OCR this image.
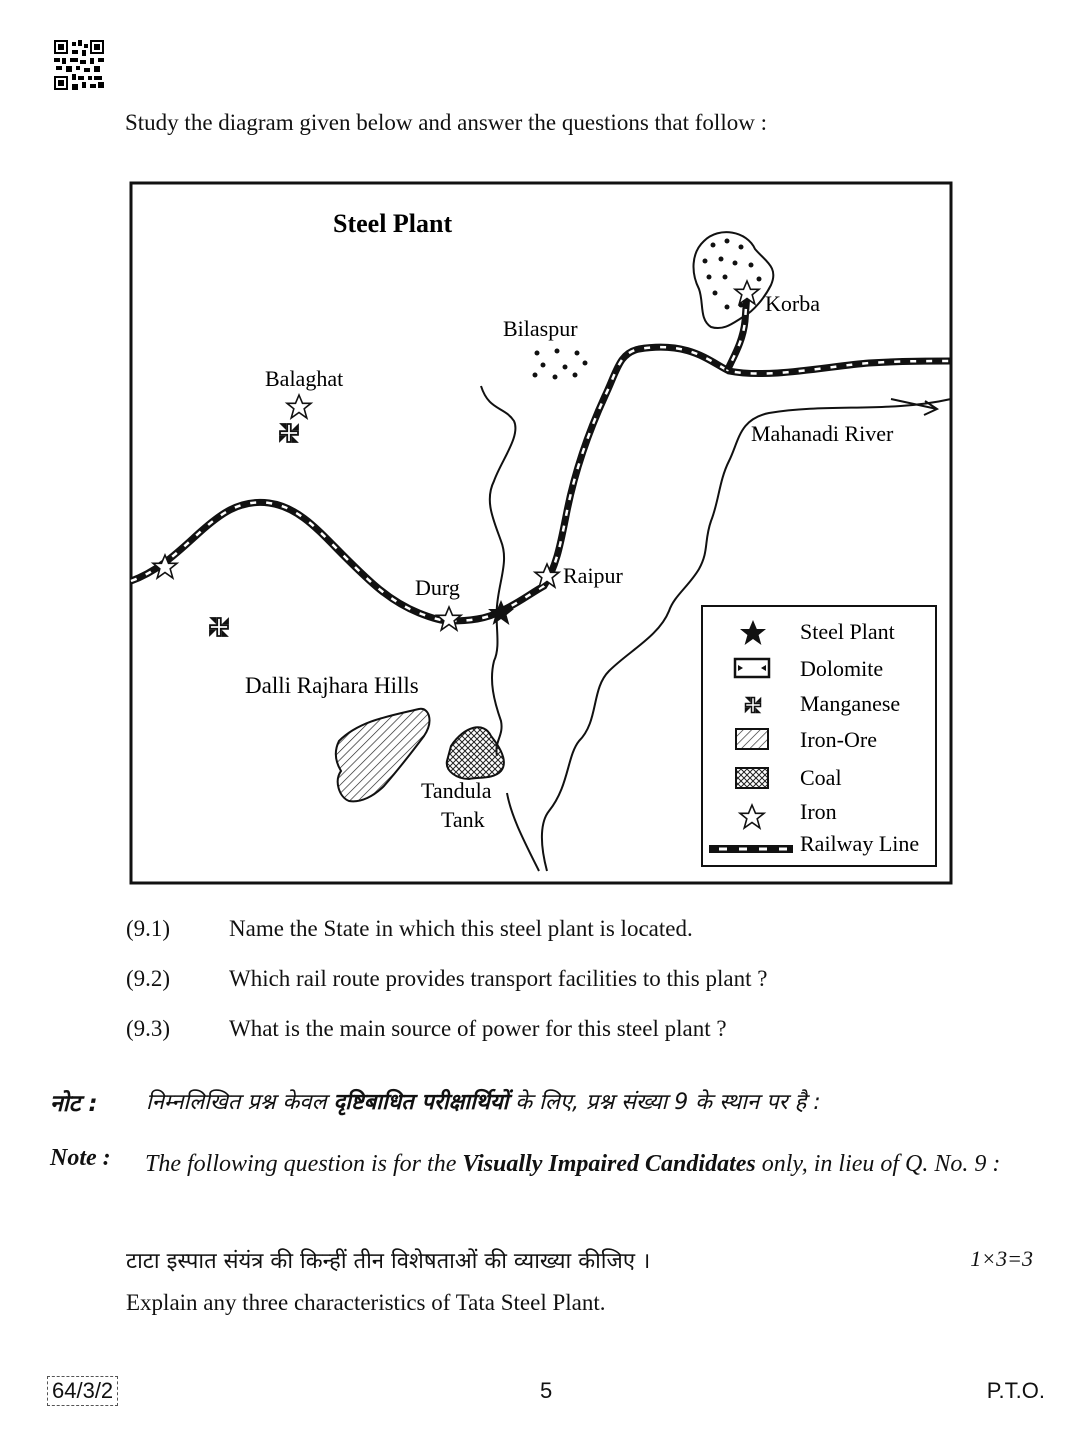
Study the diagram given below and answer the questions that follow :
Steel Plant
Korba
Bilaspur
Balaghat
Mahanadi River
Raipur
Durg
Dalli Rajhara Hills
Tandula
Tank
Steel Plant
Dolomite
Manganese
Iron-Ore
Coal
Iron
Railway Line
(9.1)	Name the State in which this steel plant is located.
(9.2)	Which rail route provides transport facilities to this plant ?
(9.3)	What is the main source of power for this steel plant ?
नोट : निम्नलिखित प्रश्न केवल दृष्टिबाधित परीक्षार्थियों के लिए, प्रश्न संख्या 9 के स्थान पर है :
Note : The following question is for the Visually Impaired Candidates only, in lieu of Q. No. 9 :
टाटा इस्पात संयंत्र की किन्हीं तीन विशेषताओं की व्याख्या कीजिए ।	1×3=3
Explain any three characteristics of Tata Steel Plant.
64/3/2	5	P.T.O.
